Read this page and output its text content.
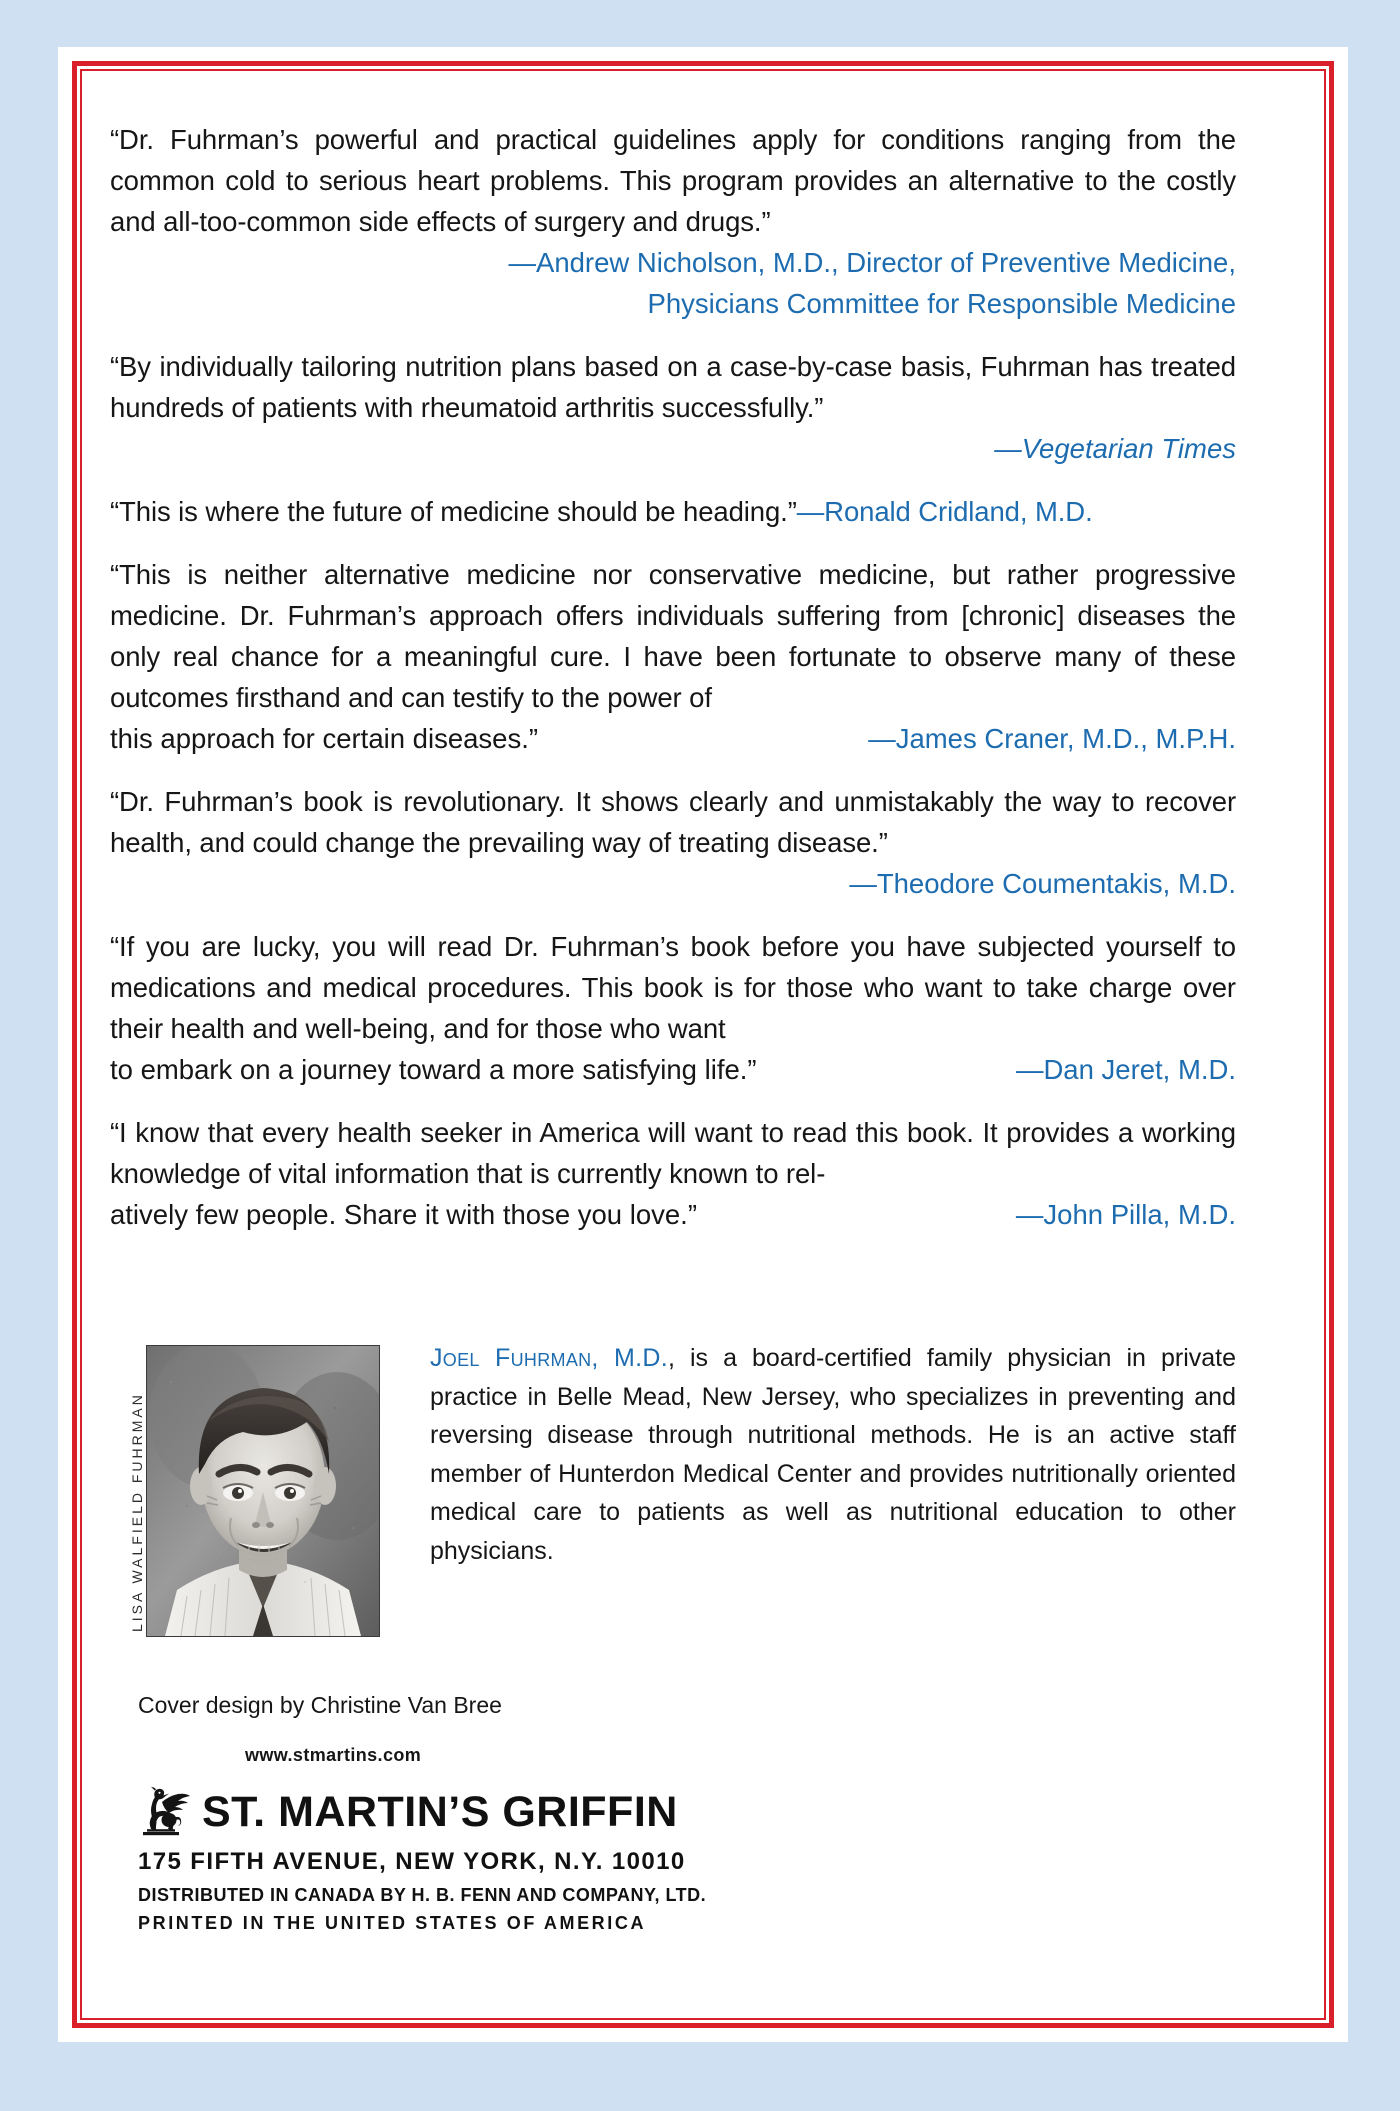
“Dr. Fuhrman’s powerful and practical guidelines apply for conditions ranging from the common cold to serious heart problems. This program provides an alternative to the costly and all-too-common side effects of surgery and drugs.”

—Andrew Nicholson, M.D., Director of Preventive Medicine,

Physicians Committee for Responsible Medicine

“By individually tailoring nutrition plans based on a case-by-case basis, Fuhrman has treated hundreds of patients with rheumatoid arthritis successfully.”

—Vegetarian Times

“This is where the future of medicine should be heading.”—Ronald Cridland, M.D.

“This is neither alternative medicine nor conservative medicine, but rather progressive medicine. Dr. Fuhrman’s approach offers individuals suffering from [chronic] diseases the only real chance for a meaningful cure. I have been fortunate to observe many of these outcomes firsthand and can testify to the power of

this approach for certain diseases.”	—James Craner, M.D., M.P.H.

“Dr. Fuhrman’s book is revolutionary. It shows clearly and unmistakably the way to recover health, and could change the prevailing way of treating disease.”

—Theodore Coumentakis, M.D.

“If you are lucky, you will read Dr. Fuhrman’s book before you have subjected yourself to medications and medical procedures. This book is for those who want to take charge over their health and well-being, and for those who want

to embark on a journey toward a more satisfying life.”	—Dan Jeret, M.D.

“I know that every health seeker in America will want to read this book. It provides a working knowledge of vital information that is currently known to rel-

atively few people. Share it with those you love.”	—John Pilla, M.D.
LISA WALFIELD FUHRMAN

Joel Fuhrman, M.D., is a board-certified family physician in private practice in Belle Mead, New Jersey, who specializes in preventing and reversing disease through nutritional methods. He is an active staff member of Hunterdon Medical Center and provides nutritionally oriented medical care to patients as well as nutritional education to other physicians.

Cover design by Christine Van Bree

www.stmartins.com

ST. MARTIN’S GRIFFIN

175 FIFTH AVENUE, NEW YORK, N.Y. 10010

DISTRIBUTED IN CANADA BY H. B. FENN AND COMPANY, LTD.

PRINTED IN THE UNITED STATES OF AMERICA
